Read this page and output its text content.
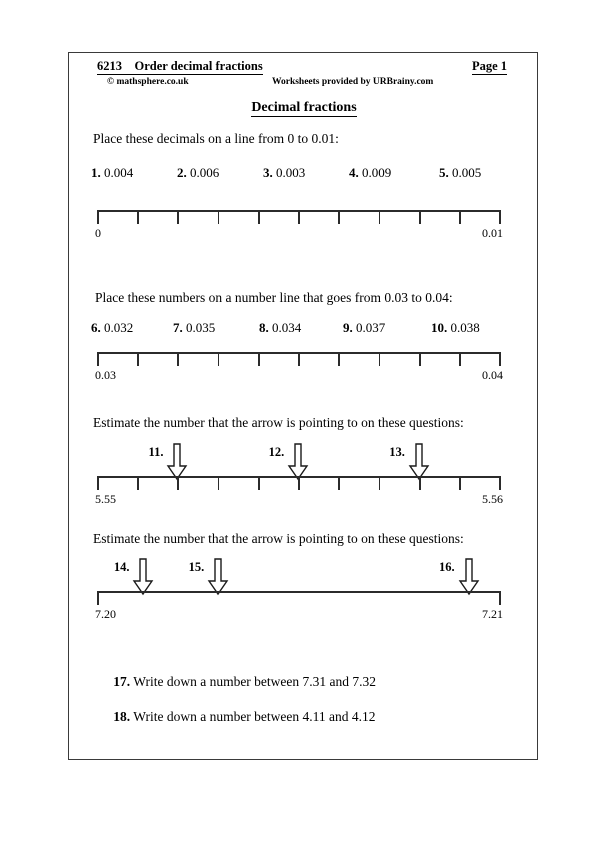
6213    Order decimal fractions	Page 1
© mathsphere.co.uk	Worksheets provided by URBrainy.com
Decimal fractions
Place these decimals on a line from 0 to 0.01:
1. 0.004	2. 0.006	3. 0.003	4. 0.009	5. 0.005
0	0.01
Place these numbers on a number line that goes from 0.03 to 0.04:
6. 0.032	7. 0.035	8. 0.034	9. 0.037	10. 0.038
0.03	0.04
Estimate the number that the arrow is pointing to on these questions:
11.	12.	13.
5.55	5.56
Estimate the number that the arrow is pointing to on these questions:
14.	15.	16.
7.20	7.21

17. Write down a number between 7.31 and 7.32

18. Write down a number between 4.11 and 4.12
